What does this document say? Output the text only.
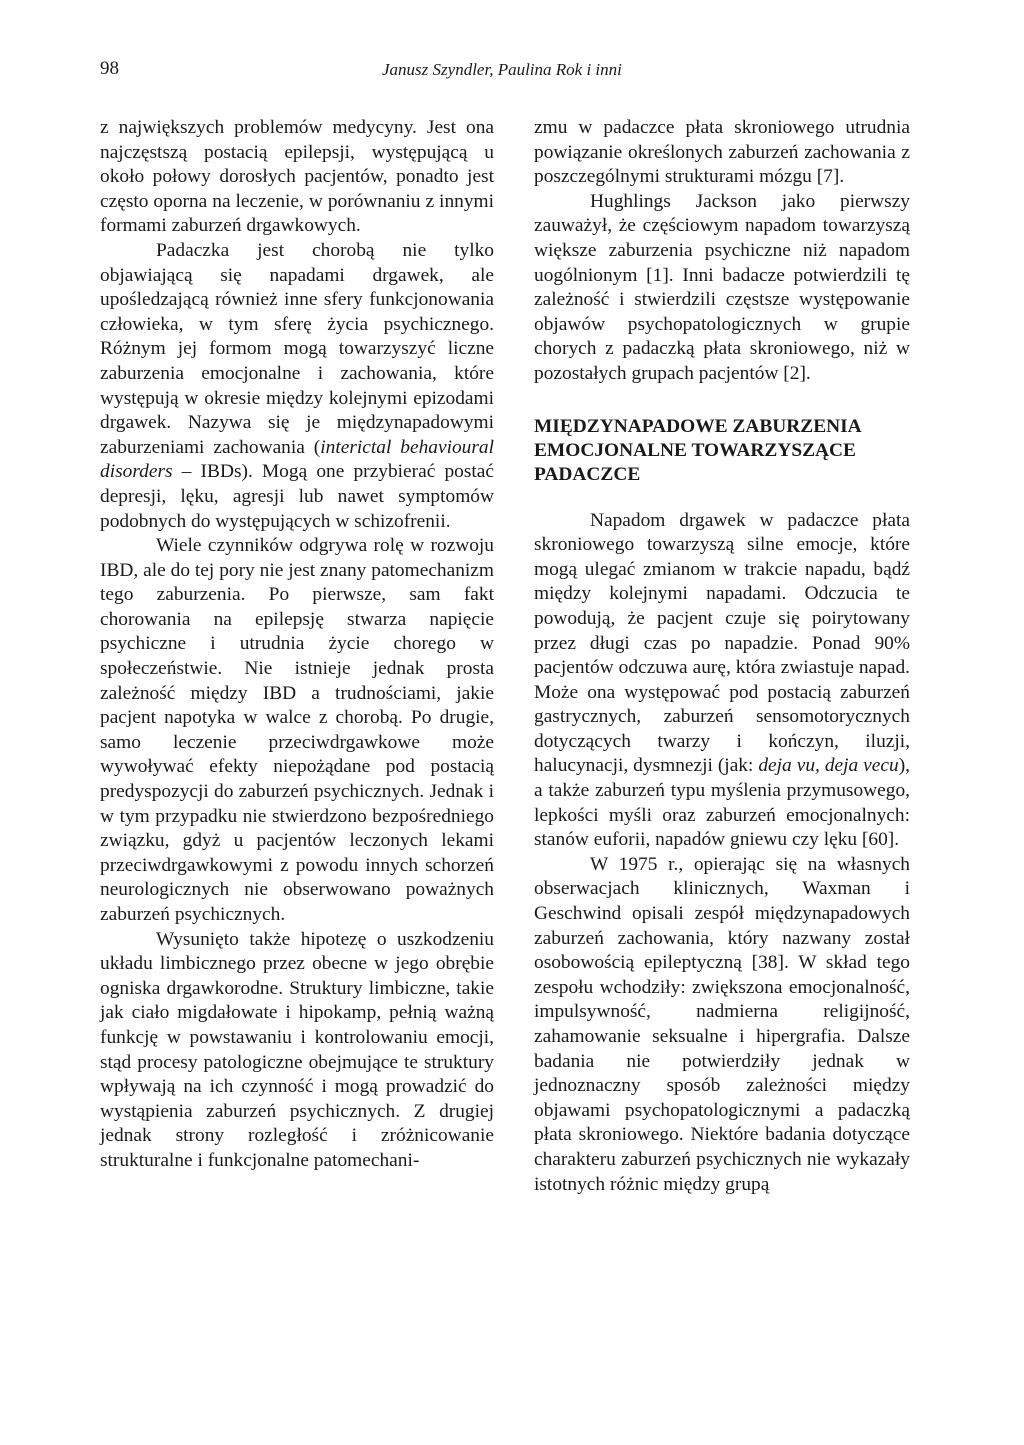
98	Janusz Szyndler, Paulina Rok i inni

z największych problemów medycyny. Jest ona najczęstszą postacią epilepsji, występującą u około połowy dorosłych pacjentów, ponadto jest często oporna na leczenie, w porównaniu z innymi formami zaburzeń drgawkowych.

Padaczka jest chorobą nie tylko objawiającą się napadami drgawek, ale upośledzającą również inne sfery funkcjonowania człowieka, w tym sferę życia psychicznego. Różnym jej formom mogą towarzyszyć liczne zaburzenia emocjonalne i zachowania, które występują w okresie między kolejnymi epizodami drgawek. Nazywa się je międzynapadowymi zaburzeniami zachowania (interictal behavioural disorders – IBDs). Mogą one przybierać postać depresji, lęku, agresji lub nawet symptomów podobnych do występujących w schizofrenii.

Wiele czynników odgrywa rolę w rozwoju IBD, ale do tej pory nie jest znany patomechanizm tego zaburzenia. Po pierwsze, sam fakt chorowania na epilepsję stwarza napięcie psychiczne i utrudnia życie chorego w społeczeństwie. Nie istnieje jednak prosta zależność między IBD a trudnościami, jakie pacjent napotyka w walce z chorobą. Po drugie, samo leczenie przeciwdrgawkowe może wywoływać efekty niepożądane pod postacią predyspozycji do zaburzeń psychicznych. Jednak i w tym przypadku nie stwierdzono bezpośredniego związku, gdyż u pacjentów leczonych lekami przeciwdrgawkowymi z powodu innych schorzeń neurologicznych nie obserwowano poważnych zaburzeń psychicznych.

Wysunięto także hipotezę o uszkodzeniu układu limbicznego przez obecne w jego obrębie ogniska drgawkorodne. Struktury limbiczne, takie jak ciało migdałowate i hipokamp, pełnią ważną funkcję w powstawaniu i kontrolowaniu emocji, stąd procesy patologiczne obejmujące te struktury wpływają na ich czynność i mogą prowadzić do wystąpienia zaburzeń psychicznych. Z drugiej jednak strony rozległość i zróżnicowanie strukturalne i funkcjonalne patomechani-

zmu w padaczce płata skroniowego utrudnia powiązanie określonych zaburzeń zachowania z poszczególnymi strukturami mózgu [7].

Hughlings Jackson jako pierwszy zauważył, że częściowym napadom towarzyszą większe zaburzenia psychiczne niż napadom uogólnionym [1]. Inni badacze potwierdzili tę zależność i stwierdzili częstsze występowanie objawów psychopatologicznych w grupie chorych z padaczką płata skroniowego, niż w pozostałych grupach pacjentów [2].

MIĘDZYNAPADOWE ZABURZENIA
EMOCJONALNE TOWARZYSZĄCE
PADACZCE

Napadom drgawek w padaczce płata skroniowego towarzyszą silne emocje, które mogą ulegać zmianom w trakcie napadu, bądź między kolejnymi napadami. Odczucia te powodują, że pacjent czuje się poirytowany przez długi czas po napadzie. Ponad 90% pacjentów odczuwa aurę, która zwiastuje napad. Może ona występować pod postacią zaburzeń gastrycznych, zaburzeń sensomotorycznych dotyczących twarzy i kończyn, iluzji, halucynacji, dysmnezji (jak: deja vu, deja vecu), a także zaburzeń typu myślenia przymusowego, lepkości myśli oraz zaburzeń emocjonalnych: stanów euforii, napadów gniewu czy lęku [60].

W 1975 r., opierając się na własnych obserwacjach klinicznych, Waxman i Geschwind opisali zespół międzynapadowych zaburzeń zachowania, który nazwany został osobowością epileptyczną [38]. W skład tego zespołu wchodziły: zwiększona emocjonalność, impulsywność, nadmierna religijność, zahamowanie seksualne i hipergrafia. Dalsze badania nie potwierdziły jednak w jednoznaczny sposób zależności między objawami psychopatologicznymi a padaczką płata skroniowego. Niektóre badania dotyczące charakteru zaburzeń psychicznych nie wykazały istotnych różnic między grupą
